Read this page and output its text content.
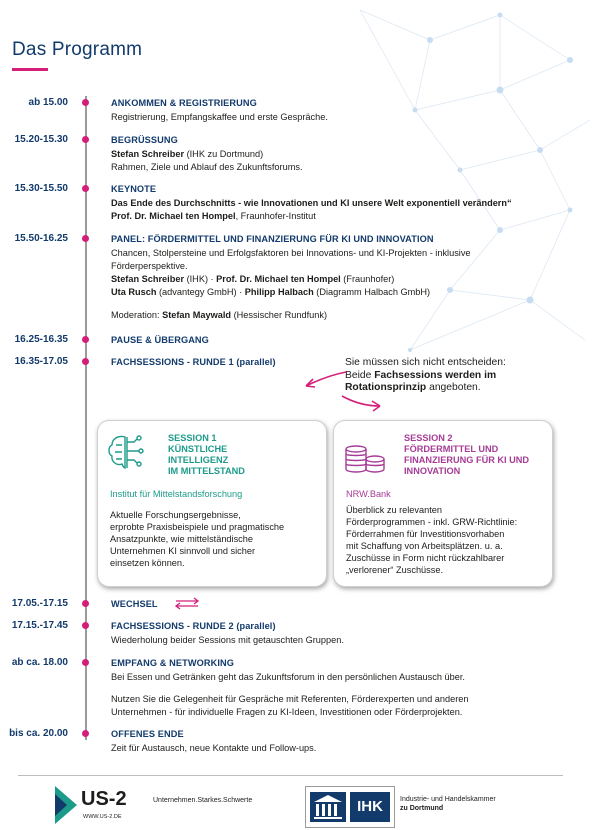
Das Programm
ab 15.00	ANKOMMEN & REGISTRIERUNG
Registrierung, Empfangskaffee und erste Gespräche.
15.20-15.30	BEGRÜSSUNG
Stefan Schreiber (IHK zu Dortmund)
Rahmen, Ziele und Ablauf des Zukunftsforums.
15.30-15.50	KEYNOTE
Das Ende des Durchschnitts - wie Innovationen und KI unsere Welt exponentiell verändern“
Prof. Dr. Michael ten Hompel, Fraunhofer-Institut
15.50-16.25	PANEL: FÖRDERMITTEL UND FINANZIERUNG FÜR KI UND INNOVATION
Chancen, Stolpersteine und Erfolgsfaktoren bei Innovations- und KI-Projekten - inklusive
Förderperspektive.
Stefan Schreiber (IHK) · Prof. Dr. Michael ten Hompel (Fraunhofer)
Uta Rusch (advantegy GmbH) · Philipp Halbach (Diagramm Halbach GmbH)
Moderation: Stefan Maywald (Hessischer Rundfunk)
16.25-16.35	PAUSE & ÜBERGANG
16.35-17.05	FACHSESSIONS - RUNDE 1 (parallel)	Sie müssen sich nicht entscheiden:
Beide Fachsessions werden im
Rotationsprinzip angeboten.
SESSION 1
KÜNSTLICHE
INTELLIGENZ
IM MITTELSTAND
Institut für Mittelstandsforschung
Aktuelle Forschungsergebnisse,
erprobte Praxisbeispiele und pragmatische
Ansatzpunkte, wie mittelständische
Unternehmen KI sinnvoll und sicher
einsetzen können.
SESSION 2
FÖRDERMITTEL UND
FINANZIERUNG FÜR KI UND
INNOVATION
NRW.Bank
Überblick zu relevanten
Förderprogrammen - inkl. GRW-Richtlinie:
Förderrahmen für Investitionsvorhaben
mit Schaffung von Arbeitsplätzen. u. a.
Zuschüsse in Form nicht rückzahlbarer
„verlorener“ Zuschüsse.
17.05.-17.15	WECHSEL
17.15.-17.45	FACHSESSIONS - RUNDE 2 (parallel)
Wiederholung beider Sessions mit getauschten Gruppen.
ab ca. 18.00	EMPFANG & NETWORKING
Bei Essen und Getränken geht das Zukunftsforum in den persönlichen Austausch über.
Nutzen Sie die Gelegenheit für Gespräche mit Referenten, Förderexperten und anderen
Unternehmen - für individuelle Fragen zu KI-Ideen, Investitionen oder Förderprojekten.
bis ca. 20.00	OFFENES ENDE
Zeit für Austausch, neue Kontakte und Follow-ups.
US-2
WWW.US-2.DE
Unternehmen.Starkes.Schwerte	IHK	Industrie- und Handelskammer
zu Dortmund
